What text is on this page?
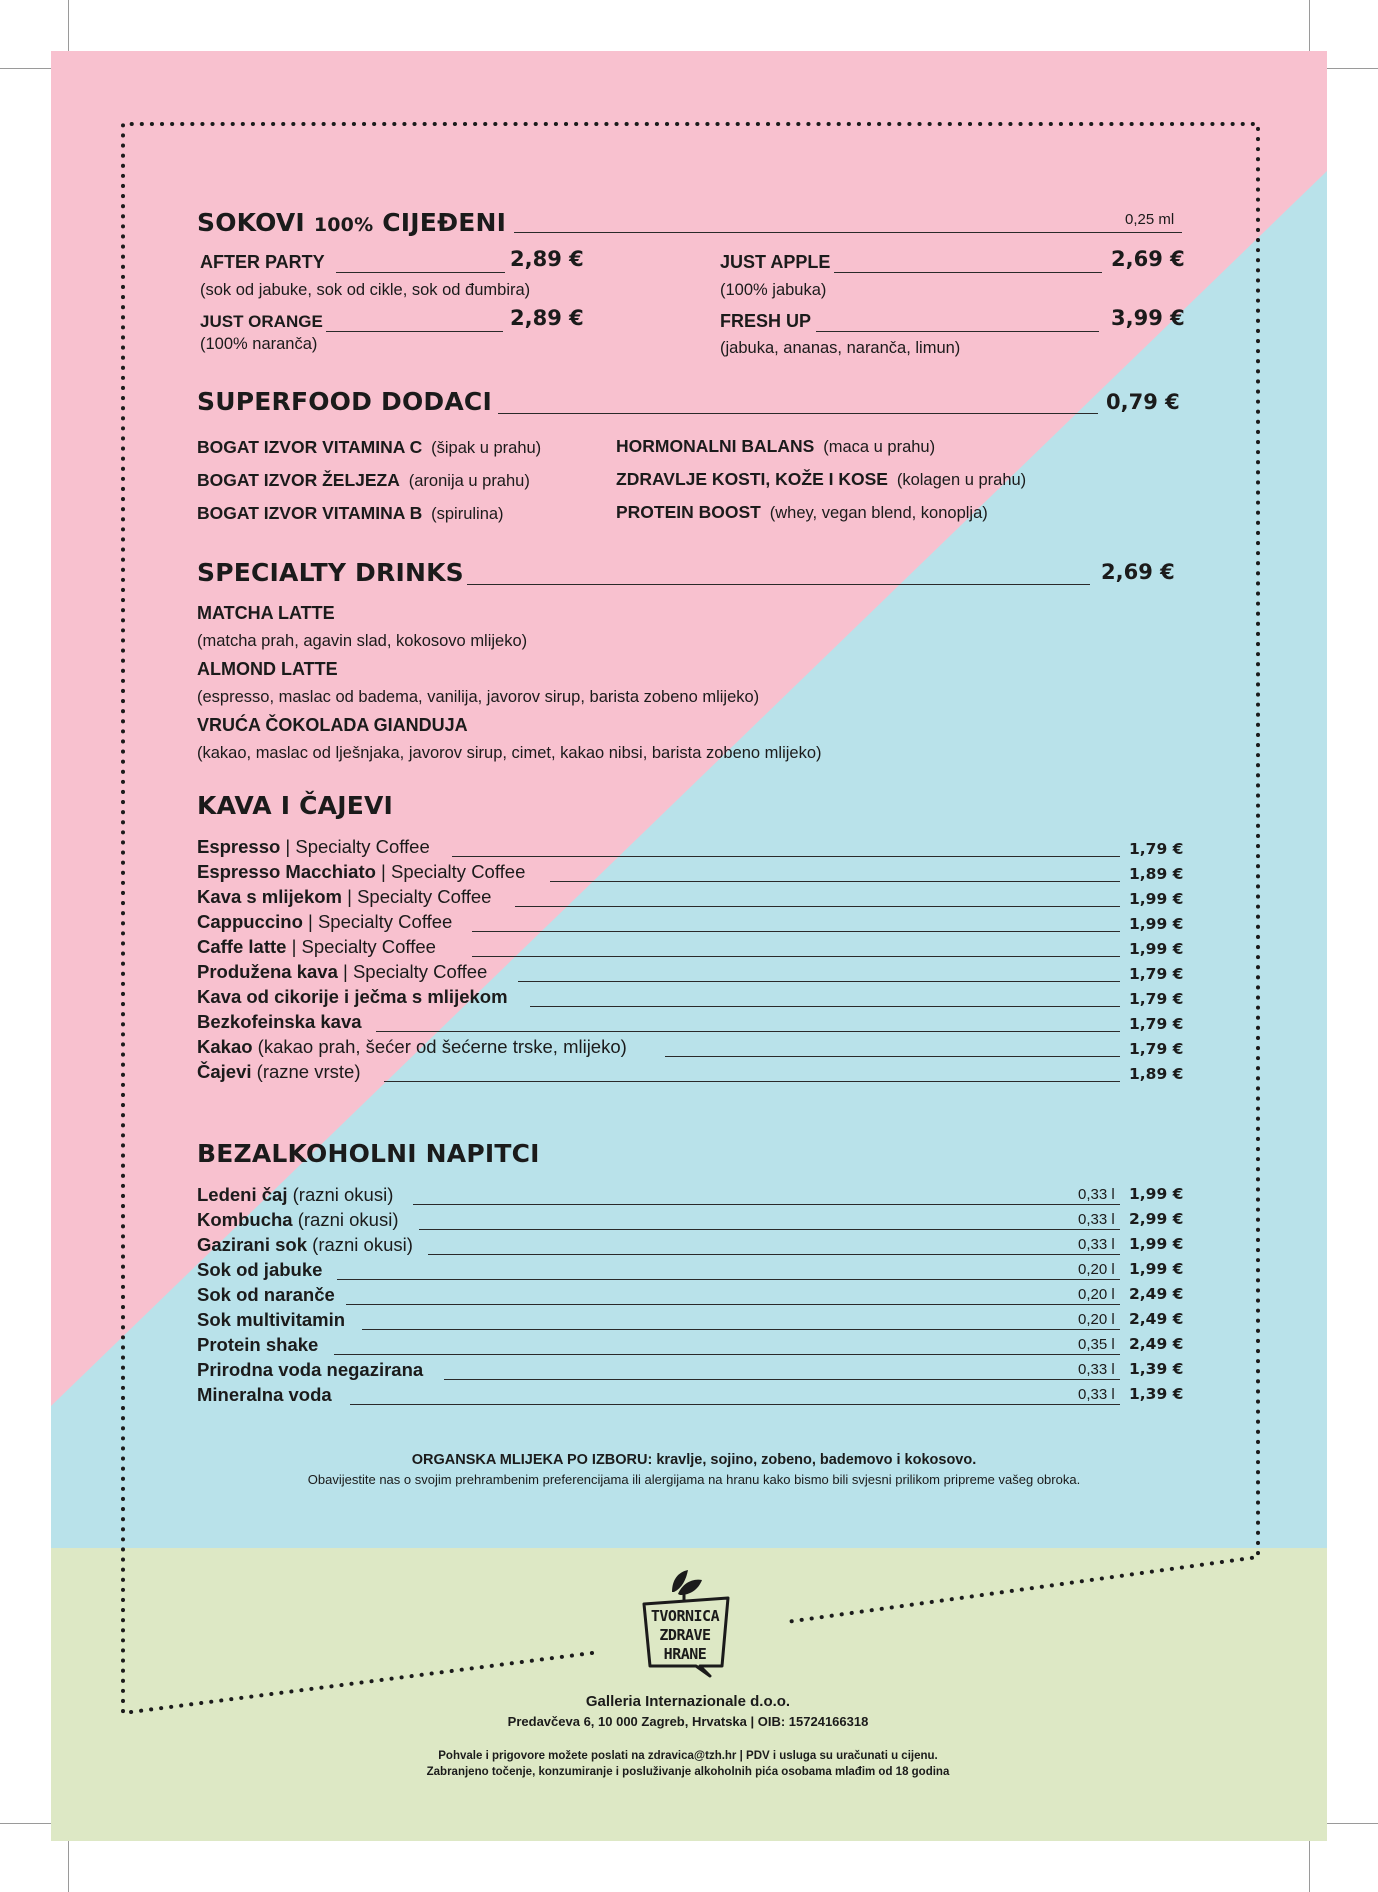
SOKOVI 100% CIJEĐENI	0,25 ml
AFTER PARTY	2,89 €
(sok od jabuke, sok od cikle, sok od đumbira)
JUST APPLE	2,69 €
(100% jabuka)
JUST ORANGE	2,89 €
(100% naranča)
FRESH UP	3,99 €
(jabuka, ananas, naranča, limun)
SUPERFOOD DODACI	0,79 €
BOGAT IZVOR VITAMINA C (šipak u prahu)
BOGAT IZVOR ŽELJEZA (aronija u prahu)
BOGAT IZVOR VITAMINA B (spirulina)
HORMONALNI BALANS (maca u prahu)
ZDRAVLJE KOSTI, KOŽE I KOSE (kolagen u prahu)
PROTEIN BOOST (whey, vegan blend, konoplja)
SPECIALTY DRINKS	2,69 €
MATCHA LATTE
(matcha prah, agavin slad, kokosovo mlijeko)
ALMOND LATTE
(espresso, maslac od badema, vanilija, javorov sirup, barista zobeno mlijeko)
VRUĆA ČOKOLADA GIANDUJA
(kakao, maslac od lješnjaka, javorov sirup, cimet, kakao nibsi, barista zobeno mlijeko)
KAVA I ČAJEVI
Espresso | Specialty Coffee	1,79 €
Espresso Macchiato | Specialty Coffee	1,89 €
Kava s mlijekom | Specialty Coffee	1,99 €
Cappuccino | Specialty Coffee	1,99 €
Caffe latte | Specialty Coffee	1,99 €
Produžena kava | Specialty Coffee	1,79 €
Kava od cikorije i ječma s mlijekom	1,79 €
Bezkofeinska kava	1,79 €
Kakao (kakao prah, šećer od šećerne trske, mlijeko)	1,79 €
Čajevi (razne vrste)	1,89 €
BEZALKOHOLNI NAPITCI
Ledeni čaj (razni okusi)	0,33 l 1,99 €
Kombucha (razni okusi)	0,33 l 2,99 €
Gazirani sok (razni okusi)	0,33 l 1,99 €
Sok od jabuke	0,20 l 1,99 €
Sok od naranče	0,20 l 2,49 €
Sok multivitamin	0,20 l 2,49 €
Protein shake	0,35 l 2,49 €
Prirodna voda negazirana	0,33 l 1,39 €
Mineralna voda	0,33 l 1,39 €
ORGANSKA MLIJEKA PO IZBORU: kravlje, sojino, zobeno, bademovo i kokosovo.
Obavijestite nas o svojim prehrambenim preferencijama ili alergijama na hranu kako bismo bili svjesni prilikom pripreme vašeg obroka.
TVORNICA
ZDRAVE
HRANE
Galleria Internazionale d.o.o.
Predavčeva 6, 10 000 Zagreb, Hrvatska | OIB: 15724166318
Pohvale i prigovore možete poslati na zdravica@tzh.hr | PDV i usluga su uračunati u cijenu.
Zabranjeno točenje, konzumiranje i posluživanje alkoholnih pića osobama mlađim od 18 godina
